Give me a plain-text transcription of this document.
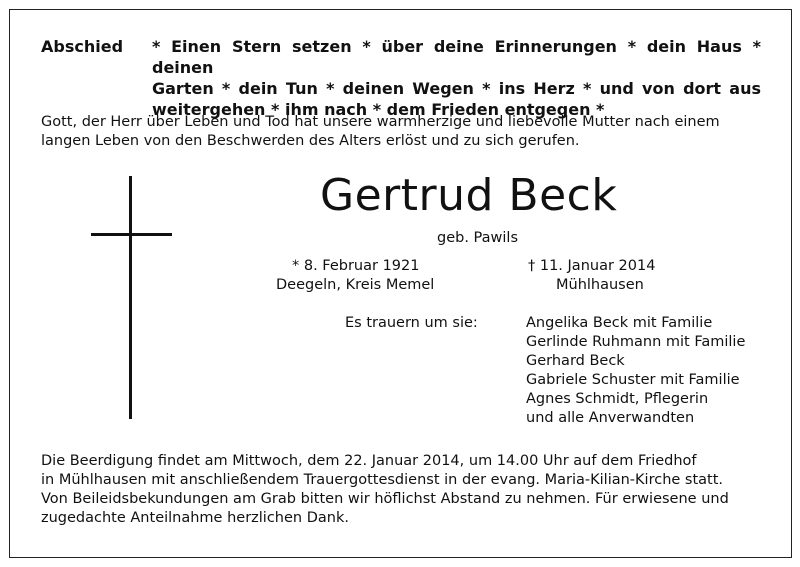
Abschied * Einen Stern setzen * über deine Erinnerungen * dein Haus * deinen
Garten * dein Tun * deinen Wegen * ins Herz * und von dort aus
weitergehen * ihm nach * dem Frieden entgegen *
Gott, der Herr über Leben und Tod hat unsere warmherzige und liebevolle Mutter nach einem
langen Leben von den Beschwerden des Alters erlöst und zu sich gerufen.
Gertrud Beck
geb. Pawils
* 8. Februar 1921
Deegeln, Kreis Memel
† 11. Januar 2014
Mühlhausen
Es trauern um sie:	Angelika Beck mit Familie
Gerlinde Ruhmann mit Familie
Gerhard Beck
Gabriele Schuster mit Familie
Agnes Schmidt, Pflegerin
und alle Anverwandten
Die Beerdigung findet am Mittwoch, dem 22. Januar 2014, um 14.00 Uhr auf dem Friedhof
in Mühlhausen mit anschließendem Trauergottesdienst in der evang. Maria-Kilian-Kirche statt.
Von Beileidsbekundungen am Grab bitten wir höflichst Abstand zu nehmen. Für erwiesene und
zugedachte Anteilnahme herzlichen Dank.
